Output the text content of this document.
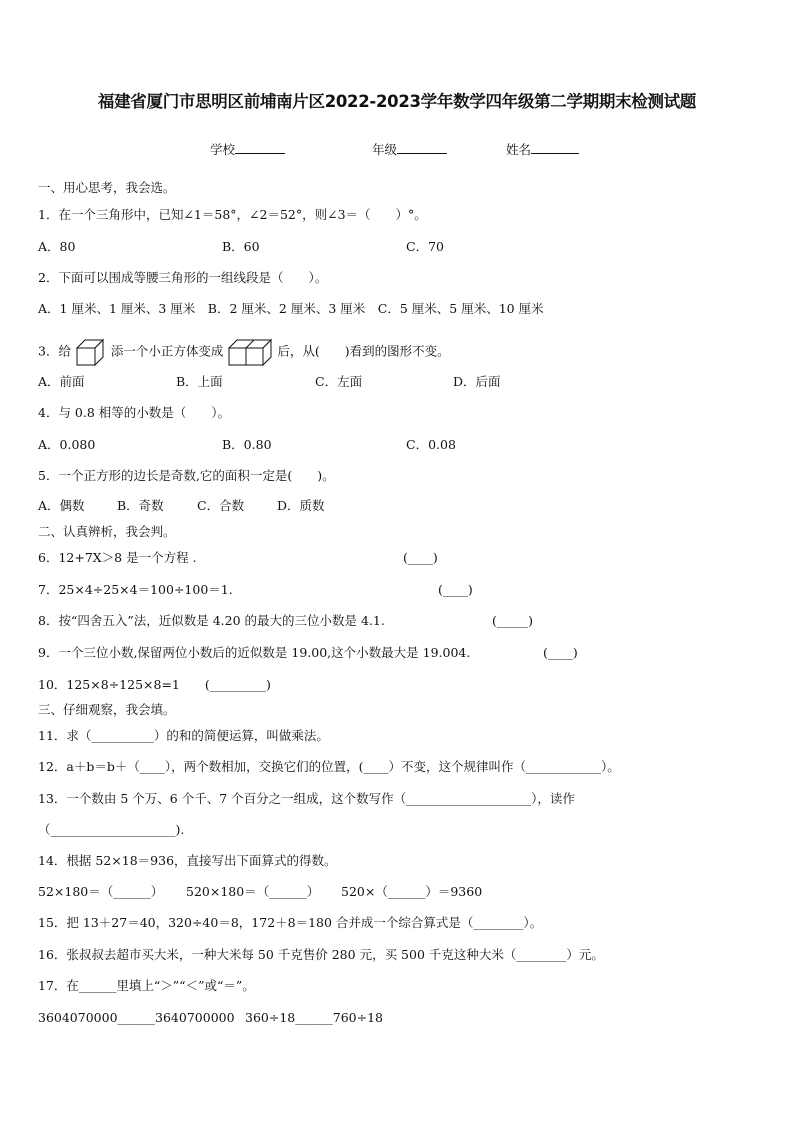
福建省厦门市思明区前埔南片区2022-2023学年数学四年级第二学期期末检测试题
学校	年级	姓名
一、用心思考，我会选。
1．在一个三角形中，已知∠1＝58°，∠2＝52°，则∠3＝（　　）°。
A．80	B．60	C．70
2．下面可以围成等腰三角形的一组线段是（　　）。
A．1 厘米、1 厘米、3 厘米　B．2 厘米、2 厘米、3 厘米　C．5 厘米、5 厘米、10 厘米
3．给	添一个小正方体变成	后，从(　　)看到的图形不变。
A．前面	B．上面	C．左面	D．后面
4．与 0.8 相等的小数是（　　）。
A．0.080	B．0.80	C．0.08
5．一个正方形的边长是奇数,它的面积一定是(　　)。
A．偶数	B．奇数	C．合数	D．质数
二、认真辨析，我会判。
6．12+7X＞8 是一个方程 .	(____)
7．25×4÷25×4＝100÷100＝1.	(____)
8．按“四舍五入”法，近似数是 4.20 的最大的三位小数是 4.1.	(_____)
9．一个三位小数,保留两位小数后的近似数是 19.00,这个小数最大是 19.004.	(____)
10．125×8÷125×8=1　　(_________)
三、仔细观察，我会填。
11．求（__________）的和的简便运算，叫做乘法。
12．a＋b＝b＋（____），两个数相加，交换它们的位置，(____）不变，这个规律叫作（____________）。
13．一个数由 5 个万、6 个千、7 个百分之一组成，这个数写作（____________________），读作
（____________________).
14．根据 52×18＝936，直接写出下面算式的得数。
52×180＝（______） 520×180＝（______） 520×（______）＝9360
15．把 13＋27＝40，320÷40＝8，172＋8＝180 合并成一个综合算式是（________）。
16．张叔叔去超市买大米，一种大米每 50 千克售价 280 元，买 500 千克这种大米（________）元。
17．在______里填上“＞”“＜”或“＝”。
3604070000______3640700000 360÷18______760÷18
